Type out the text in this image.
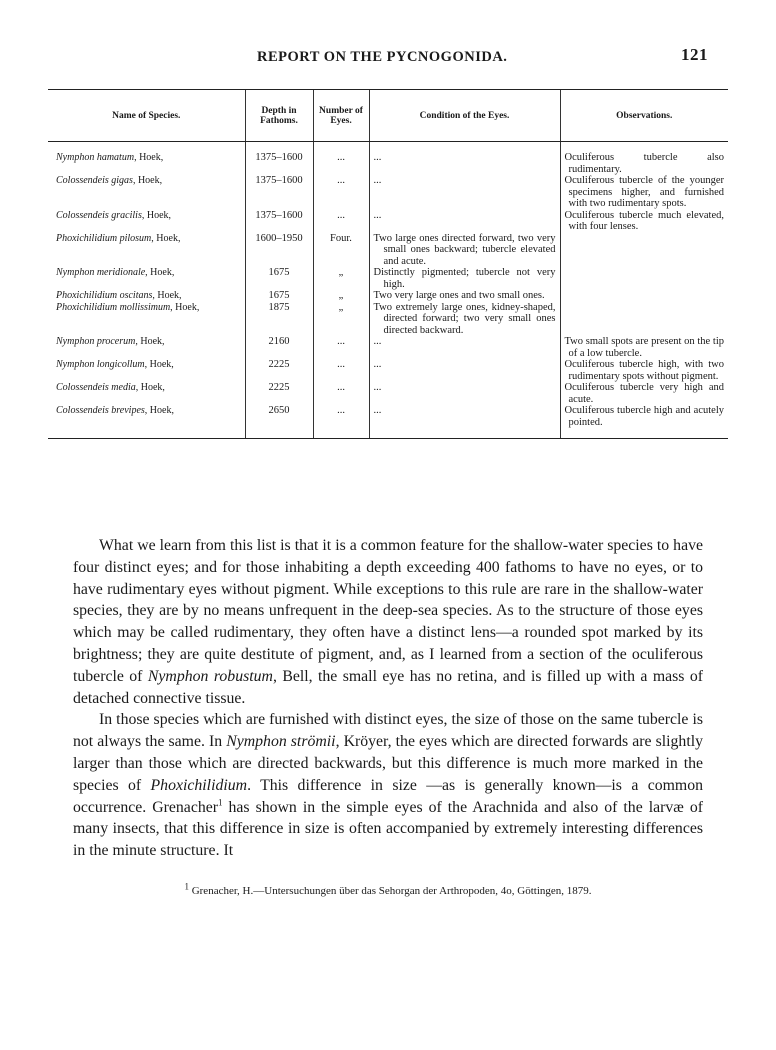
REPORT ON THE PYCNOGONIDA.	121
Name of Species.	Depth in Fathoms.	Number of Eyes.	Condition of the Eyes.	Observations.
Nymphon hamatum, Hoek,	1375–1600	...	...	Oculiferous tubercle also rudimentary.

Colossendeis gigas, Hoek,	1375–1600	...	...	Oculiferous tubercle of the younger specimens higher, and furnished with two rudimentary spots.

Colossendeis gracilis, Hoek,	1375–1600	...	...	Oculiferous tubercle much elevated, with four lenses.

Phoxichilidium pilosum, Hoek,	1600–1950	Four.	Two large ones directed forward, two very small ones backward; tubercle elevated and acute.	

Nymphon meridionale, Hoek,	1675	„	Distinctly pigmented; tubercle not very high.	

Phoxichilidium oscitans, Hoek,	1675	„	Two very large ones and two small ones.	

Phoxichilidium mollissimum, Hoek,	1875	„	Two extremely large ones, kidney-shaped, directed forward; two very small ones directed backward.	

Nymphon procerum, Hoek,	2160	...	...	Two small spots are present on the tip of a low tubercle.

Nymphon longicollum, Hoek,	2225	...	...	Oculiferous tubercle high, with two rudimentary spots without pigment.

Colossendeis media, Hoek,	2225	...	...	Oculiferous tubercle very high and acute.

Colossendeis brevipes, Hoek,	2650	...	...	Oculiferous tubercle high and acutely pointed.

What we learn from this list is that it is a common feature for the shallow-water species to have four distinct eyes; and for those inhabiting a depth exceeding 400 fathoms to have no eyes, or to have rudimentary eyes without pigment. While exceptions to this rule are rare in the shallow-water species, they are by no means unfrequent in the deep-sea species. As to the structure of those eyes which may be called rudimentary, they often have a distinct lens—a rounded spot marked by its brightness; they are quite destitute of pigment, and, as I learned from a section of the oculiferous tubercle of Nymphon robustum, Bell, the small eye has no retina, and is filled up with a mass of detached connective tissue.

In those species which are furnished with distinct eyes, the size of those on the same tubercle is not always the same. In Nymphon strömii, Kröyer, the eyes which are directed forwards are slightly larger than those which are directed backwards, but this difference is much more marked in the species of Phoxichilidium. This difference in size —as is generally known—is a common occurrence. Grenacher$^1$ has shown in the simple eyes of the Arachnida and also of the larvæ of many insects, that this difference in size is often accompanied by extremely interesting differences in the minute structure. It

$^1$ Grenacher, H.—Untersuchungen über das Sehorgan der Arthropoden, 4o, Göttingen, 1879.
